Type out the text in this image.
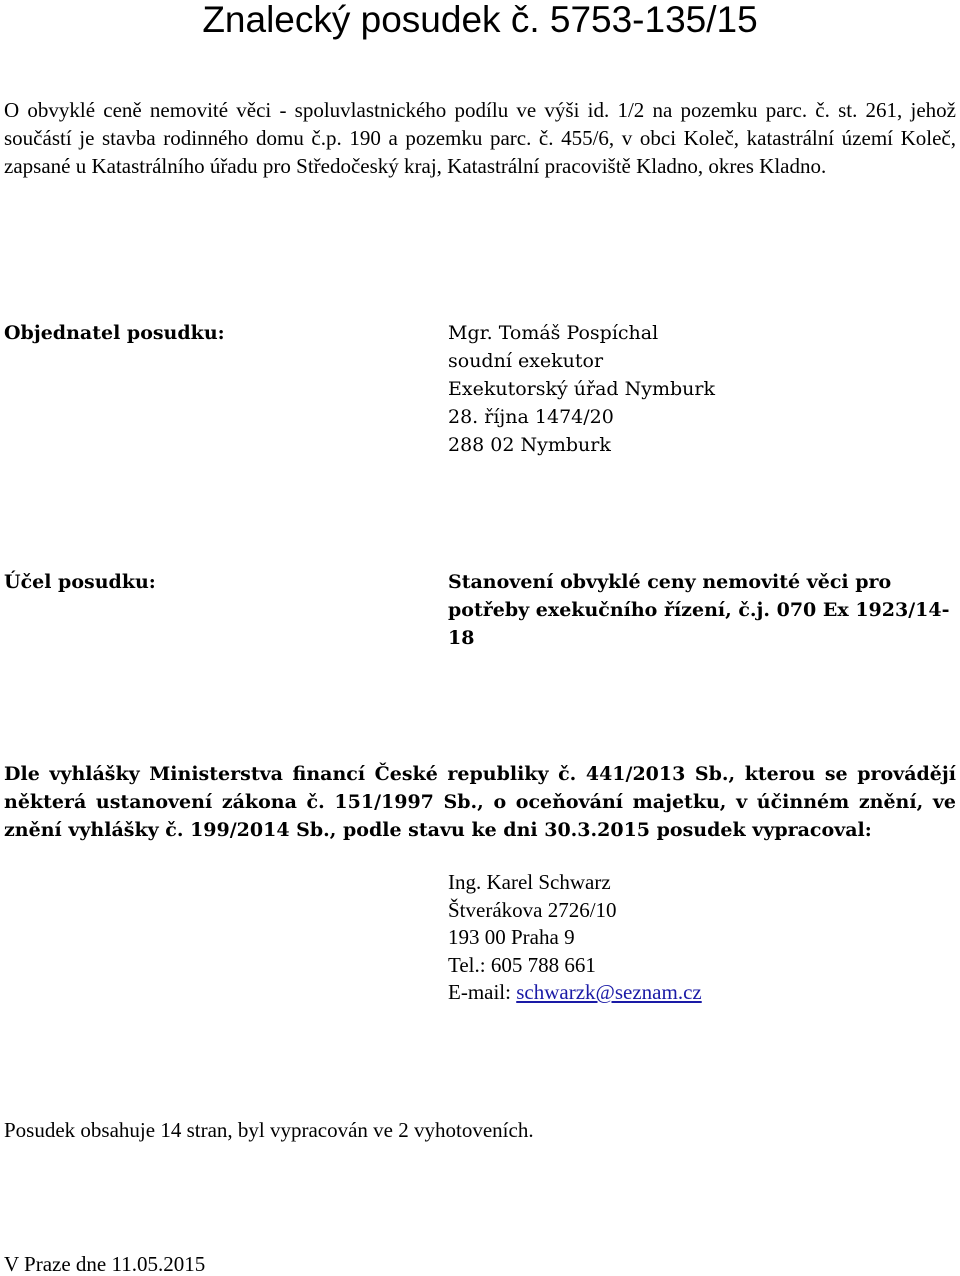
Znalecký posudek č. 5753-135/15

O obvyklé ceně nemovité věci - spoluvlastnického podílu ve výši id. 1/2 na pozemku parc. č. st. 261, jehož součástí je stavba rodinného domu č.p. 190 a pozemku parc. č. 455/6, v obci Koleč, katastrální území Koleč, zapsané u Katastrálního úřadu pro Středočeský kraj, Katastrální pracoviště Kladno, okres Kladno.

Objednatel posudku:	Mgr. Tomáš Pospíchal
soudní exekutor
Exekutorský úřad Nymburk
28. října 1474/20
288 02 Nymburk

Účel posudku:	Stanovení obvyklé ceny nemovité věci pro potřeby exekučního řízení, č.j. 070 Ex 1923/14-18

Dle vyhlášky Ministerstva financí České republiky č. 441/2013 Sb., kterou se provádějí některá ustanovení zákona č. 151/1997 Sb., o oceňování majetku, v účinném znění, ve znění vyhlášky č. 199/2014 Sb., podle stavu ke dni 30.3.2015 posudek vypracoval:

Ing. Karel Schwarz
Štverákova 2726/10
193 00 Praha 9
Tel.: 605 788 661
E-mail: schwarzk@seznam.cz

Posudek obsahuje 14 stran, byl vypracován ve 2 vyhotoveních.

V Praze dne 11.05.2015
